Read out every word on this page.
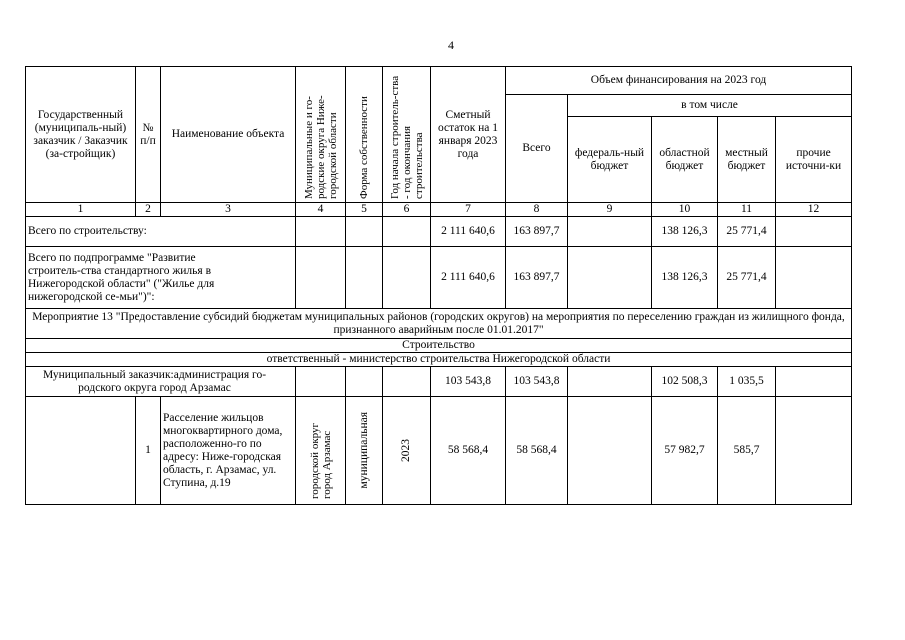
4
Государственный (муниципаль-ный) заказчик / Заказчик (за-стройщик)	№ п/п	Наименование объекта	Муниципальные и го-родские округа Ниже-городской области	Форма собственности	Год начала строитель-ства - год окончания строительства	Сметный остаток на 1 января 2023 года	Объем финансирования на 2023 год				
							Всего	в том числе			
								федераль-ный бюджет	областной бюджет	местный бюджет	прочие источни-ки
1	2	3	4	5	6	7	8	9	10	11	12
Всего по строительству:						2 111 640,6	163 897,7		138 126,3	25 771,4	
Всего по подпрограмме "Развитие строитель-ства стандартного жилья в Нижегородской области" ("Жилье для нижегородской се-мьи")":						2 111 640,6	163 897,7		138 126,3	25 771,4	
Мероприятие 13 "Предоставление субсидий бюджетам муниципальных районов (городских округов) на мероприятия по переселению граждан из жилищного фонда, признанного аварийным после 01.01.2017"											
Строительство											
ответственный - министерство строительства Нижегородской области											
Муниципальный заказчик:администрация го-родского округа город Арзамас						103 543,8	103 543,8		102 508,3	1 035,5	
	1	Расселение жильцов многоквартирного дома, расположенно-го по адресу: Ниже-городская область, г. Арзамас, ул. Ступина, д.19	городской округ город Арзамас	муниципальная	2023	58 568,4	58 568,4		57 982,7	585,7	
